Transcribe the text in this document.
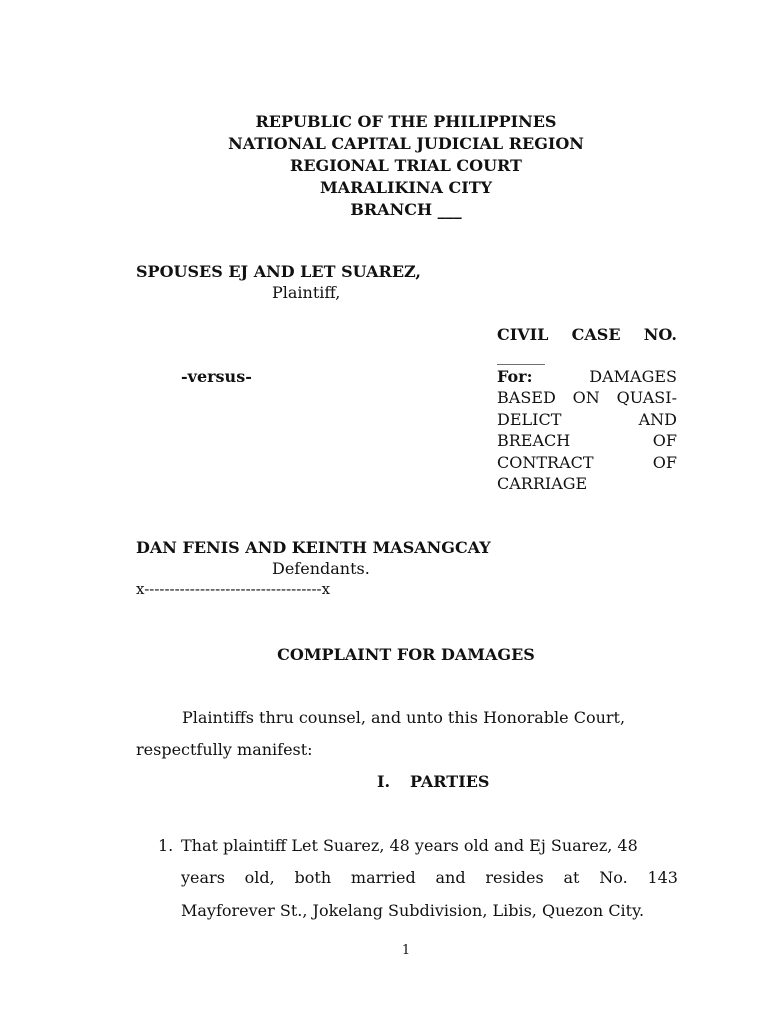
REPUBLIC OF THE PHILIPPINES
NATIONAL CAPITAL JUDICIAL REGION
REGIONAL TRIAL COURT
MARALIKINA CITY
BRANCH ___
SPOUSES EJ AND LET SUAREZ,
Plaintiff,
CIVIL CASE NO.
______
-versus-	For:	DAMAGES
BASED ON QUASI-
DELICT	AND
BREACH	OF
CONTRACT	OF
CARRIAGE
DAN FENIS AND KEINTH MASANGCAY
Defendants.
x-----------------------------------x
COMPLAINT FOR DAMAGES
Plaintiffs thru counsel, and unto this Honorable Court,
respectfully manifest:
I. PARTIES
1. That plaintiff Let Suarez, 48 years old and Ej Suarez, 48
years old, both married and resides at No. 143
Mayforever St., Jokelang Subdivision, Libis, Quezon City.
1
